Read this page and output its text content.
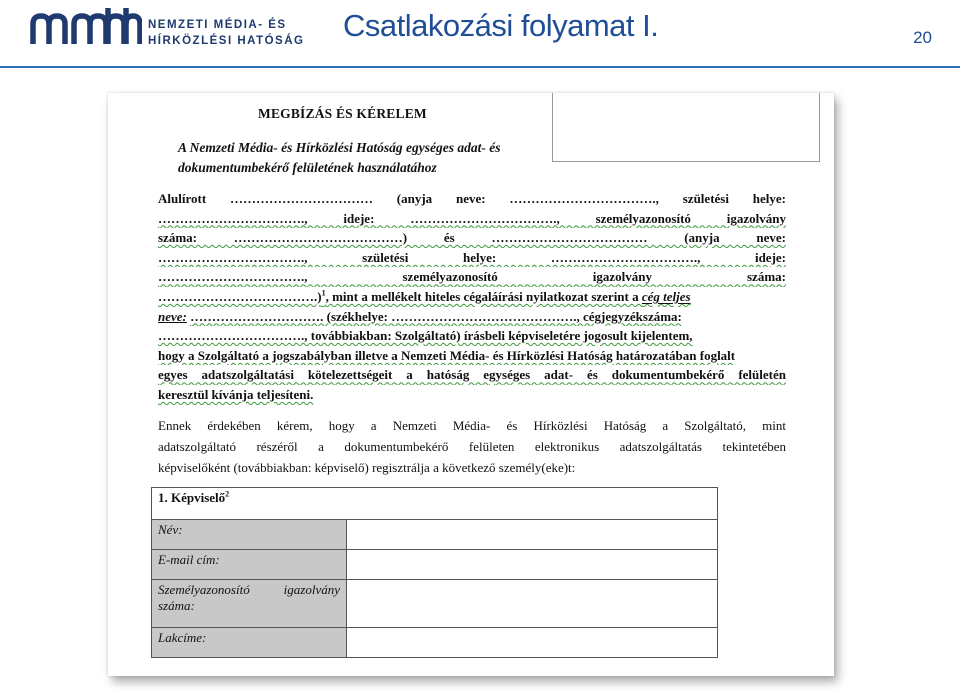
NEMZETI MÉDIA- ÉS
HÍRKÖZLÉSI HATÓSÁG Csatlakozási folyamat I.	20
MEGBÍZÁS ÉS KÉRELEM
A Nemzeti Média- és Hírközlési Hatóság egységes adat- és
dokumentumbekérő felületének használatához
Alulírott …………………………… (anyja neve: ……………………………., születési helye:
……………………………., ideje: ……………………………., személyazonosító igazolvány
száma: …………………………………) és ……………………………… (anyja neve:
……………………………., születési helye: ……………………………., ideje:
……………………………., személyazonosító igazolvány száma:
……………………………….)$^1$, mint a mellékelt hiteles cégaláírási nyilatkozat szerint a cég teljes
neve: …………………………. (székhelye: ……………………………………., cégjegyzékszáma:
……………………………., továbbiakban: Szolgáltató) írásbeli képviseletére jogosult kijelentem,
hogy a Szolgáltató a jogszabályban illetve a Nemzeti Média- és Hírközlési Hatóság határozatában foglalt
egyes adatszolgáltatási kötelezettségeit a hatóság egységes adat- és dokumentumbekérő felületén
keresztül kívánja teljesíteni.
Ennek érdekében kérem, hogy a Nemzeti Média- és Hírközlési Hatóság a Szolgáltató, mint
adatszolgáltató részéről a dokumentumbekérő felületen elektronikus adatszolgáltatás tekintetében
képviselőként (továbbiakban: képviselő) regisztrálja a következő személy(eke)t:
1. Képviselő$^2$
Név:	
E-mail cím:	

Személyazonosító igazolvány
száma:	

Lakcíme:	
